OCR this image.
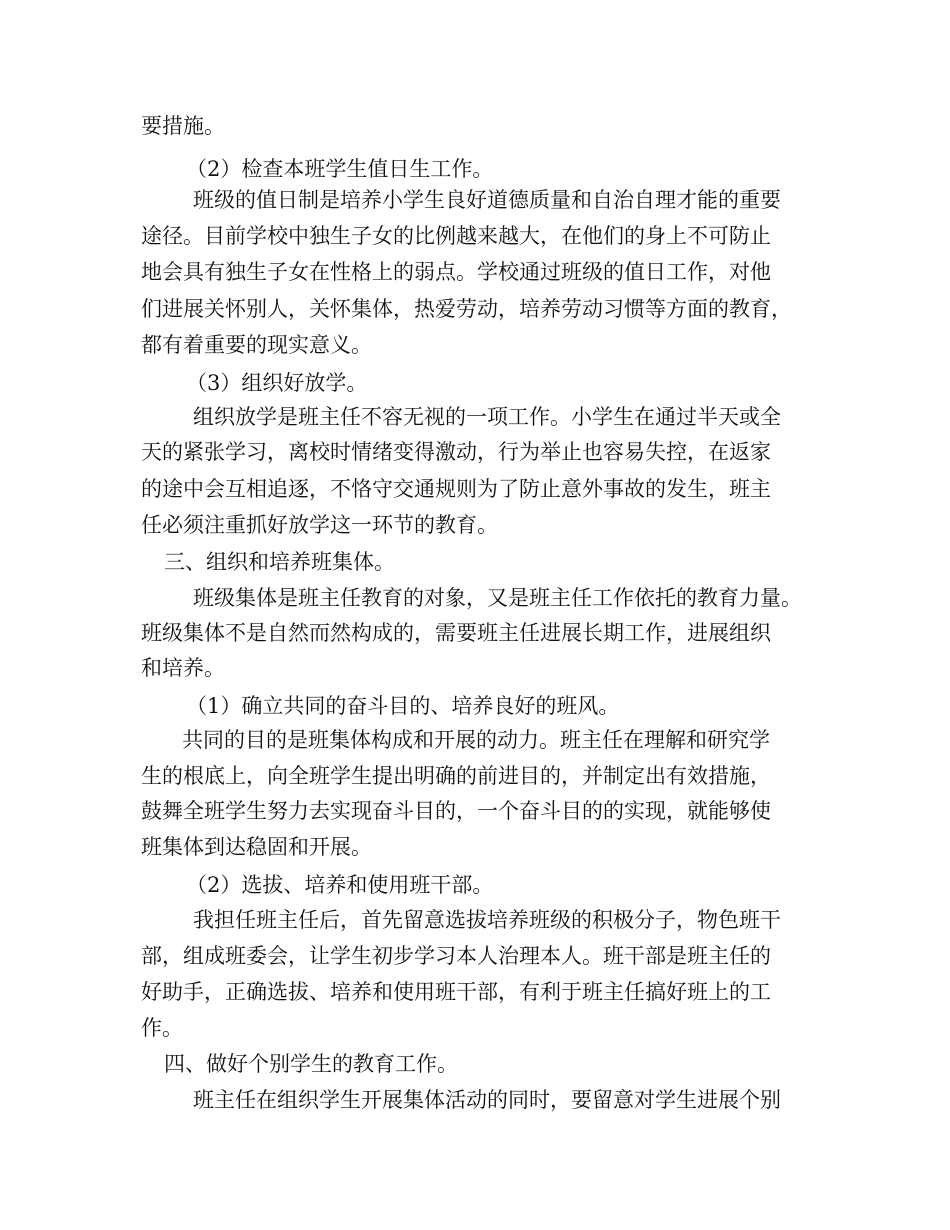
要措施。
（2）检查本班学生值日生工作。
班级的值日制是培养小学生良好道德质量和自治自理才能的重要
途径。目前学校中独生子女的比例越来越大，在他们的身上不可防止
地会具有独生子女在性格上的弱点。学校通过班级的值日工作，对他
们进展关怀别人，关怀集体，热爱劳动，培养劳动习惯等方面的教育，
都有着重要的现实意义。
（3）组织好放学。
组织放学是班主任不容无视的一项工作。小学生在通过半天或全
天的紧张学习，离校时情绪变得激动，行为举止也容易失控，在返家
的途中会互相追逐，不恪守交通规则为了防止意外事故的发生，班主
任必须注重抓好放学这一环节的教育。
三、组织和培养班集体。
班级集体是班主任教育的对象，又是班主任工作依托的教育力量。
班级集体不是自然而然构成的，需要班主任进展长期工作，进展组织
和培养。
（1）确立共同的奋斗目的、培养良好的班风。
共同的目的是班集体构成和开展的动力。班主任在理解和研究学
生的根底上，向全班学生提出明确的前进目的，并制定出有效措施，
鼓舞全班学生努力去实现奋斗目的，一个奋斗目的的实现，就能够使
班集体到达稳固和开展。
（2）选拔、培养和使用班干部。
我担任班主任后，首先留意选拔培养班级的积极分子，物色班干
部，组成班委会，让学生初步学习本人治理本人。班干部是班主任的
好助手，正确选拔、培养和使用班干部，有利于班主任搞好班上的工
作。
四、做好个别学生的教育工作。
班主任在组织学生开展集体活动的同时，要留意对学生进展个别
